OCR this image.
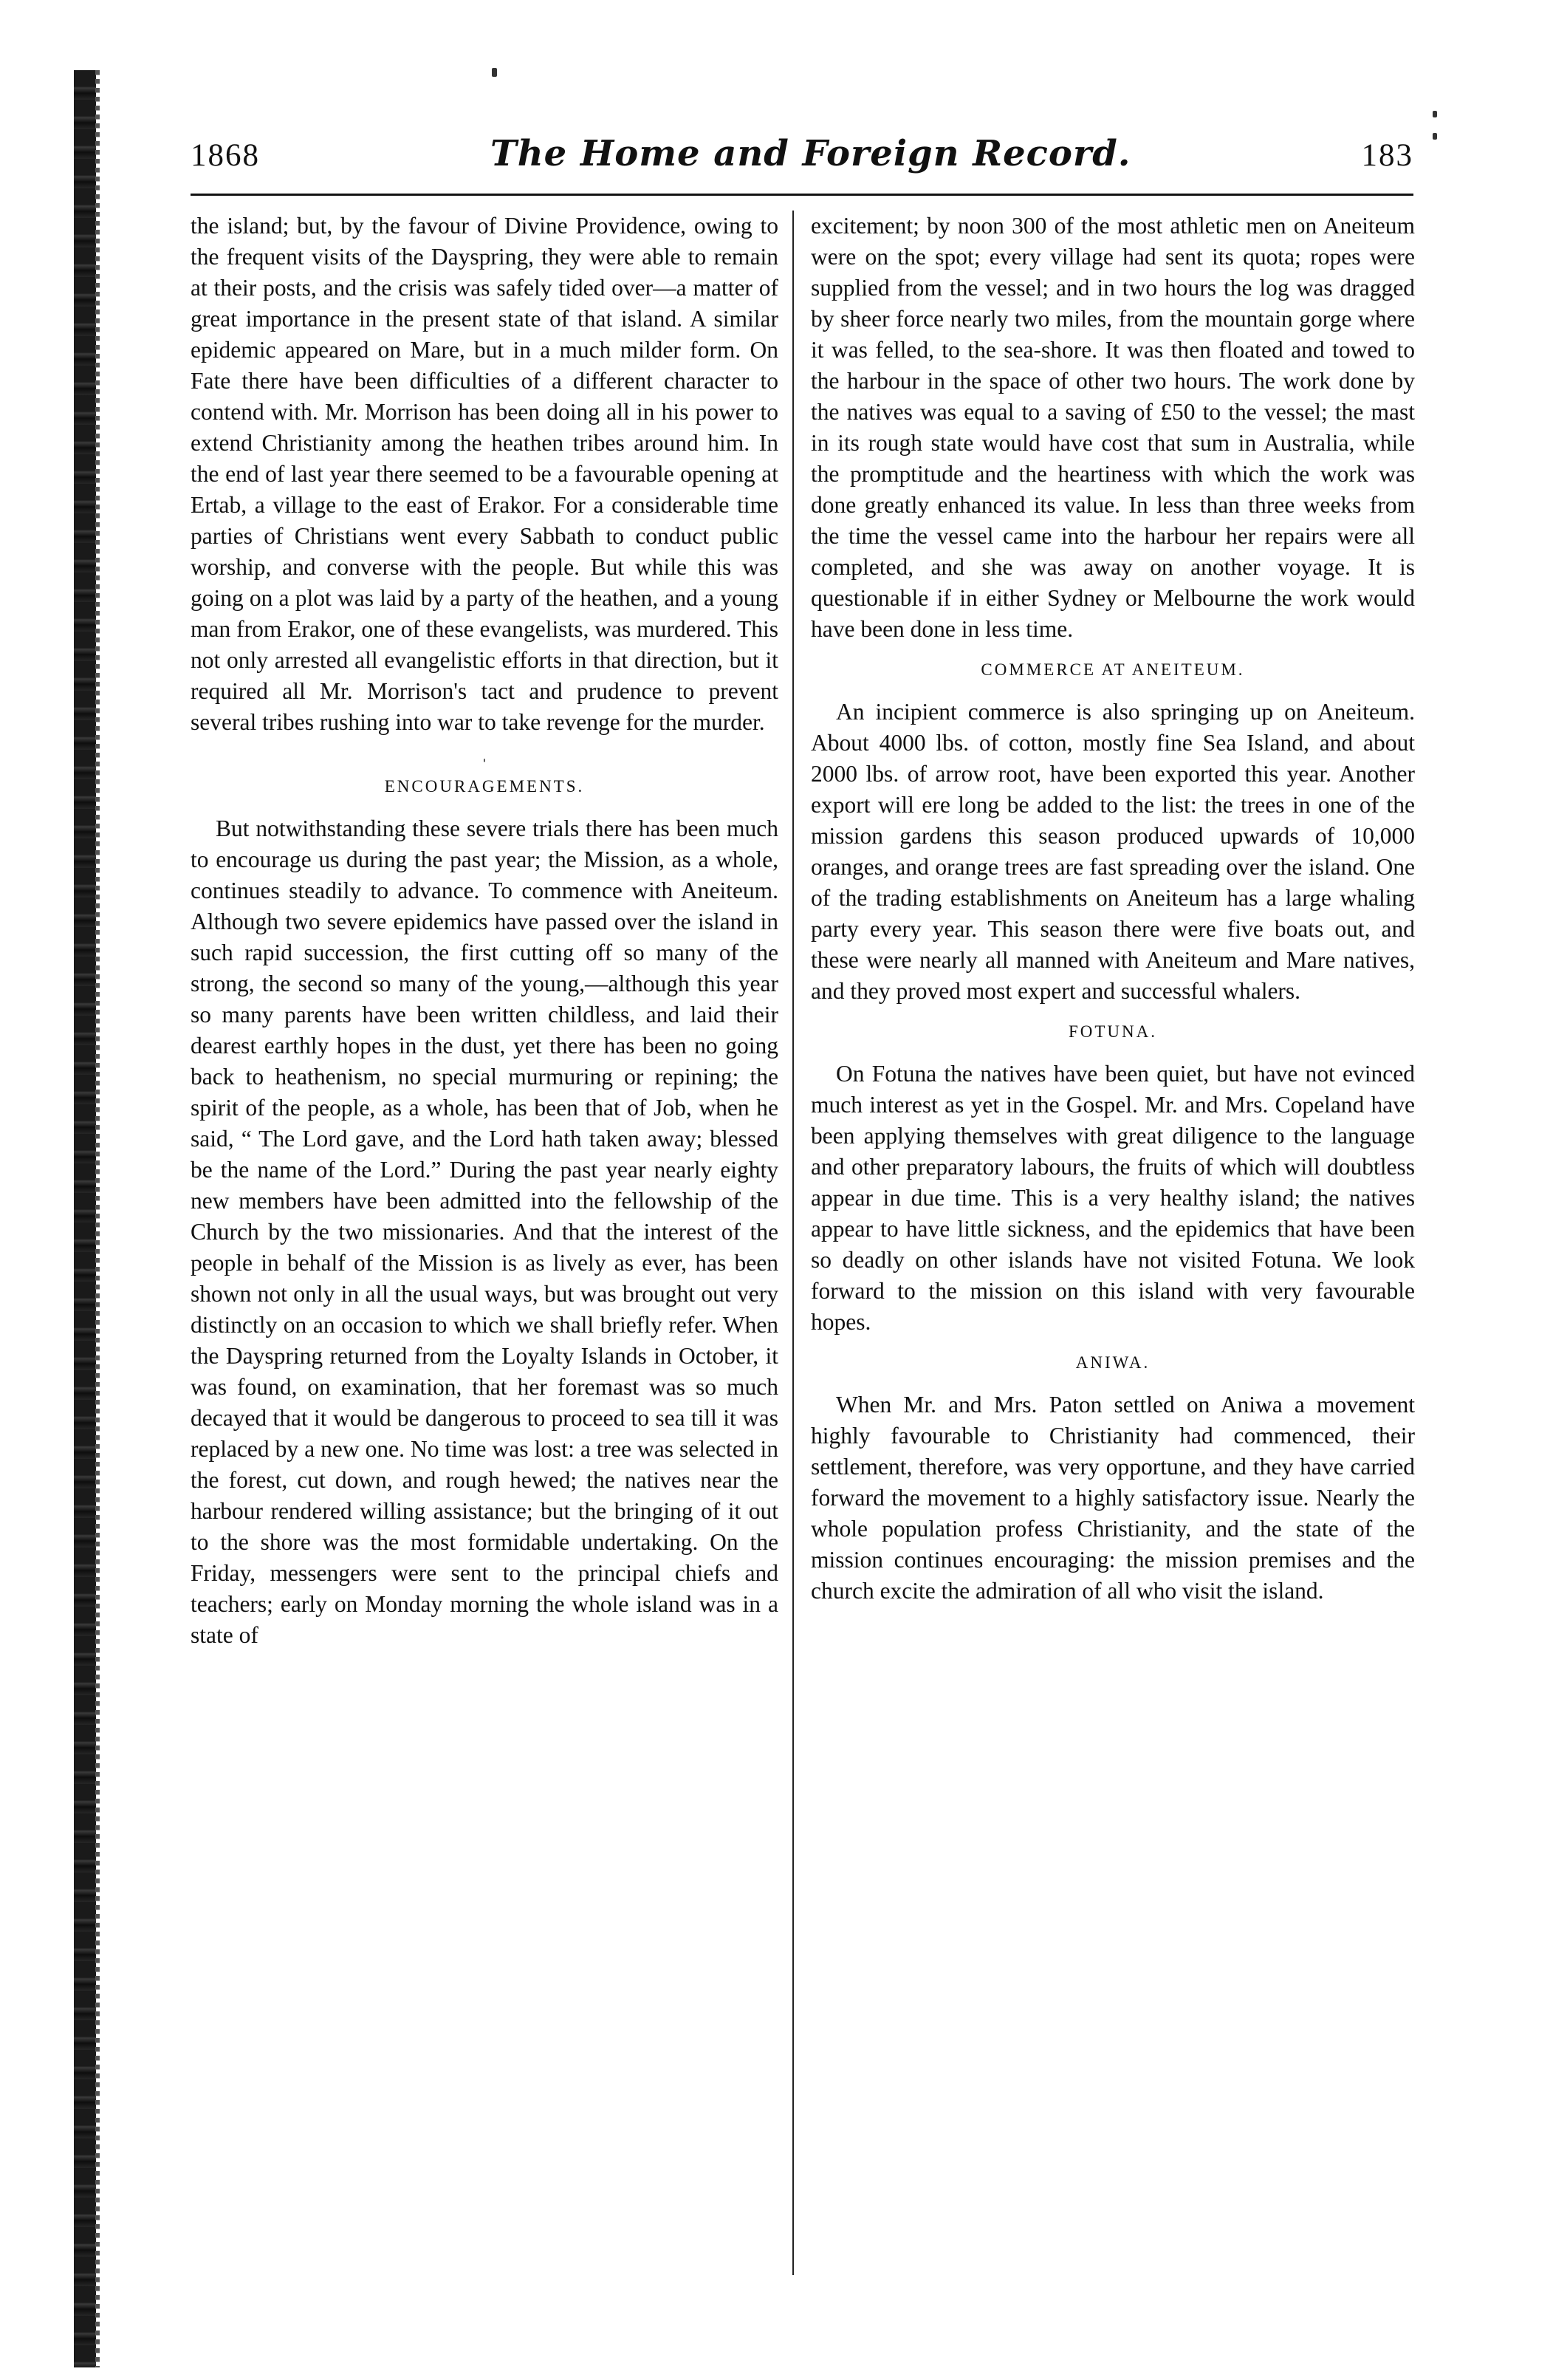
1868	The Home and Foreign Record.	183

the island; but, by the favour of Divine Providence, owing to the frequent visits of the Dayspring, they were able to remain at their posts, and the crisis was safely tided over—a matter of great importance in the present state of that island. A similar epidemic appeared on Mare, but in a much milder form. On Fate there have been difficulties of a different character to contend with. Mr. Morrison has been doing all in his power to extend Christianity among the heathen tribes around him. In the end of last year there seemed to be a favourable opening at Ertab, a village to the east of Erakor. For a considerable time parties of Christians went every Sabbath to conduct public worship, and converse with the people. But while this was going on a plot was laid by a party of the heathen, and a young man from Erakor, one of these evangelists, was murdered. This not only arrested all evangelistic efforts in that direction, but it required all Mr. Morrison's tact and prudence to prevent several tribes rushing into war to take revenge for the murder.

ˌ
ENCOURAGEMENTS.

But notwithstanding these severe trials there has been much to encourage us during the past year; the Mission, as a whole, continues steadily to advance. To commence with Aneiteum. Although two severe epidemics have passed over the island in such rapid succession, the first cutting off so many of the strong, the second so many of the young,—although this year so many parents have been written childless, and laid their dearest earthly hopes in the dust, yet there has been no going back to heathenism, no special murmuring or repining; the spirit of the people, as a whole, has been that of Job, when he said, “ The Lord gave, and the Lord hath taken away; blessed be the name of the Lord.” During the past year nearly eighty new members have been admitted into the fellowship of the Church by the two missionaries. And that the interest of the people in behalf of the Mission is as lively as ever, has been shown not only in all the usual ways, but was brought out very distinctly on an occasion to which we shall briefly refer. When the Dayspring returned from the Loyalty Islands in October, it was found, on examination, that her foremast was so much decayed that it would be dangerous to proceed to sea till it was replaced by a new one. No time was lost: a tree was selected in the forest, cut down, and rough hewed; the natives near the harbour rendered willing assistance; but the bringing of it out to the shore was the most formidable undertaking. On the Friday, messengers were sent to the principal chiefs and teachers; early on Monday morning the whole island was in a state of

excitement; by noon 300 of the most athletic men on Aneiteum were on the spot; every village had sent its quota; ropes were supplied from the vessel; and in two hours the log was dragged by sheer force nearly two miles, from the mountain gorge where it was felled, to the sea-shore. It was then floated and towed to the harbour in the space of other two hours. The work done by the natives was equal to a saving of £50 to the vessel; the mast in its rough state would have cost that sum in Australia, while the promptitude and the heartiness with which the work was done greatly enhanced its value. In less than three weeks from the time the vessel came into the harbour her repairs were all completed, and she was away on another voyage. It is questionable if in either Sydney or Melbourne the work would have been done in less time.

COMMERCE AT ANEITEUM.

An incipient commerce is also springing up on Aneiteum. About 4000 lbs. of cotton, mostly fine Sea Island, and about 2000 lbs. of arrow root, have been exported this year. Another export will ere long be added to the list: the trees in one of the mission gardens this season produced upwards of 10,000 oranges, and orange trees are fast spreading over the island. One of the trading establishments on Aneiteum has a large whaling party every year. This season there were five boats out, and these were nearly all manned with Aneiteum and Mare natives, and they proved most expert and successful whalers.

FOTUNA.

On Fotuna the natives have been quiet, but have not evinced much interest as yet in the Gospel. Mr. and Mrs. Copeland have been applying themselves with great diligence to the language and other preparatory labours, the fruits of which will doubtless appear in due time. This is a very healthy island; the natives appear to have little sickness, and the epidemics that have been so deadly on other islands have not visited Fotuna. We look forward to the mission on this island with very favourable hopes.

ANIWA.

When Mr. and Mrs. Paton settled on Aniwa a movement highly favourable to Christianity had commenced, their settlement, therefore, was very opportune, and they have carried forward the movement to a highly satisfactory issue. Nearly the whole population profess Christianity, and the state of the mission continues encouraging: the mission premises and the church excite the admiration of all who visit the island.
